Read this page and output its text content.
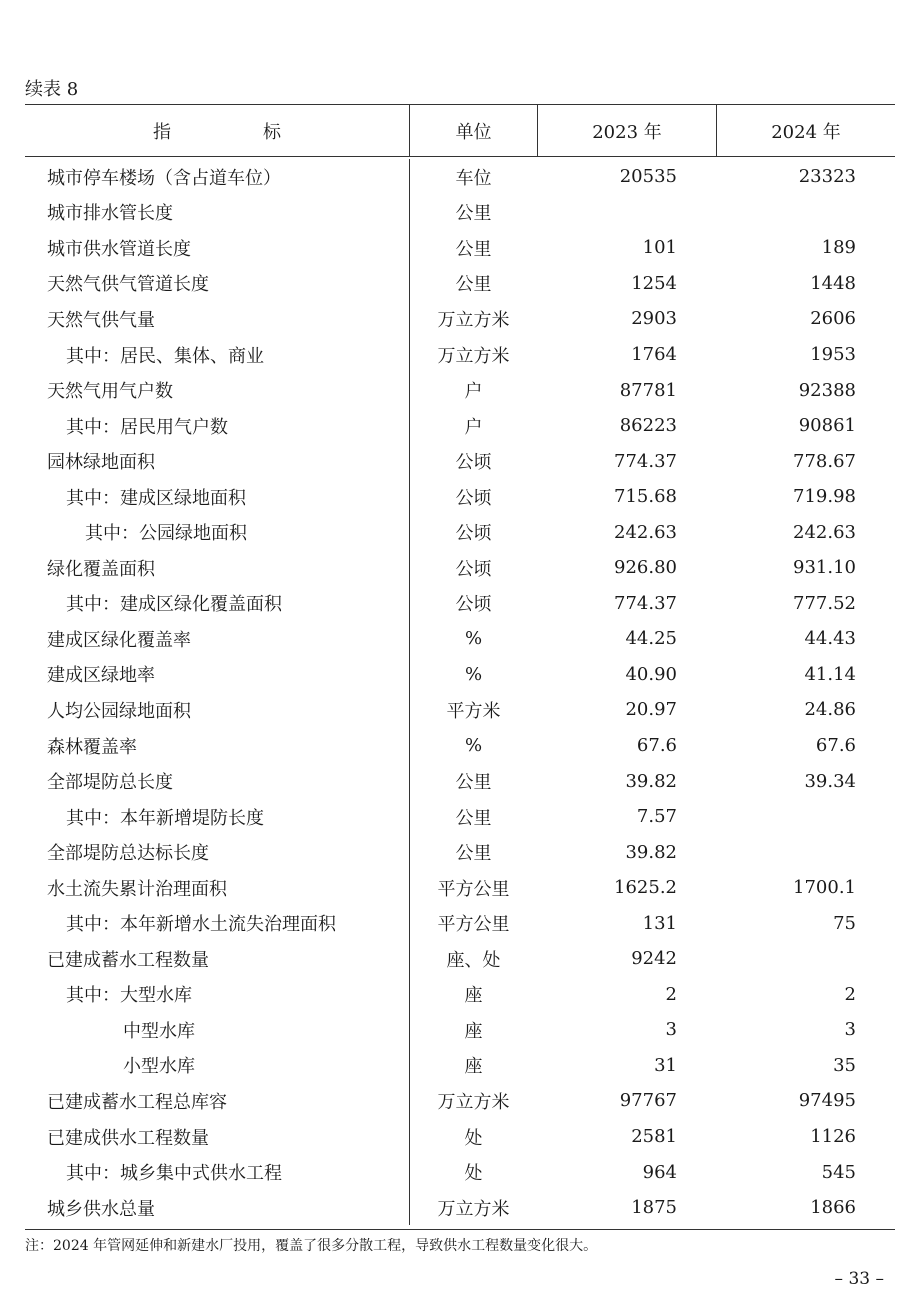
续表 8
指	标	单位	2023 年	2024 年
城市停车楼场（含占道车位）	车位	20535	23323
城市排水管长度	公里
城市供水管道长度	公里	101	189
天然气供气管道长度	公里	1254	1448
天然气供气量	万立方米	2903	2606
其中：居民、集体、商业	万立方米	1764	1953
天然气用气户数	户	87781	92388
其中：居民用气户数	户	86223	90861
园林绿地面积	公顷	774.37	778.67
其中：建成区绿地面积	公顷	715.68	719.98
其中：公园绿地面积	公顷	242.63	242.63
绿化覆盖面积	公顷	926.80	931.10
其中：建成区绿化覆盖面积	公顷	774.37	777.52
建成区绿化覆盖率	%	44.25	44.43
建成区绿地率	%	40.90	41.14
人均公园绿地面积	平方米	20.97	24.86
森林覆盖率	%	67.6	67.6
全部堤防总长度	公里	39.82	39.34
其中：本年新增堤防长度	公里	7.57
全部堤防总达标长度	公里	39.82
水土流失累计治理面积	平方公里	1625.2	1700.1
其中：本年新增水土流失治理面积	平方公里	131	75
已建成蓄水工程数量	座、处	9242
其中：大型水库	座	2	2
中型水库	座	3	3
小型水库	座	31	35
已建成蓄水工程总库容	万立方米	97767	97495
已建成供水工程数量	处	2581	1126
其中：城乡集中式供水工程	处	964	545
城乡供水总量	万立方米	1875	1866
注：2024 年管网延伸和新建水厂投用，覆盖了很多分散工程，导致供水工程数量变化很大。
– 33 –
